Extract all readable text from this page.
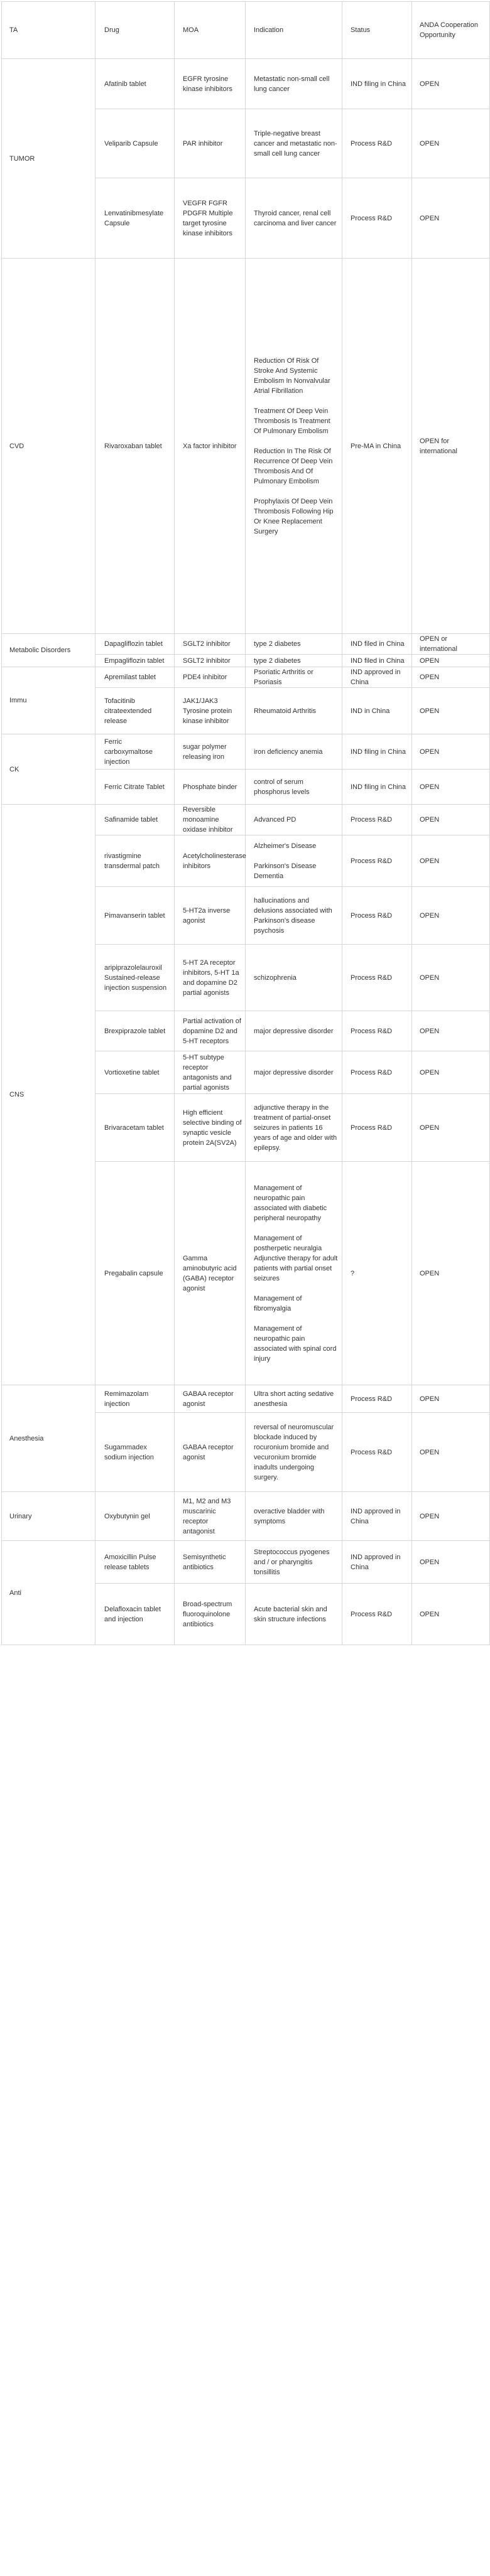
TA	Drug	MOA	Indication	Status	ANDA Cooperation Opportunity
TUMOR	Afatinib tablet	EGFR tyrosine kinase inhibitors	Metastatic non-small cell lung cancer	IND filing in China	OPEN
	Veliparib Capsule	PAR inhibitor	Triple-negative breast cancer and metastatic non-small cell lung cancer	Process R&D	OPEN
	Lenvatinibmesylate Capsule	VEGFR FGFR PDGFR Multiple target tyrosine kinase inhibitors	Thyroid cancer, renal cell carcinoma and liver cancer	Process R&D	OPEN
CVD	Rivaroxaban tablet	Xa factor inhibitor	Reduction Of Risk Of Stroke And Systemic Embolism In Nonvalvular Atrial Fibrillation
Treatment Of Deep Vein Thrombosis Is Treatment Of Pulmonary Embolism
Reduction In The Risk Of Recurrence Of Deep Vein Thrombosis And Of Pulmonary Embolism
Prophylaxis Of Deep Vein Thrombosis Following Hip Or Knee Replacement Surgery	Pre-MA in China	OPEN for international
Metabolic Disorders	Dapagliflozin tablet	SGLT2 inhibitor	type 2 diabetes	IND filed in China	OPEN or international
	Empagliflozin tablet	SGLT2 inhibitor	type 2 diabetes	IND filed in China	OPEN
Immu	Apremilast tablet	PDE4 inhibitor	Psoriatic Arthritis or Psoriasis	IND approved in China	OPEN
	Tofacitinib citrateextended release	JAK1/JAK3 Tyrosine protein kinase inhibitor	Rheumatoid Arthritis	IND in China	OPEN
CK	Ferric carboxymaltose injection	sugar polymer releasing iron	iron deficiency anemia	IND filing in China	OPEN
	Ferric Citrate Tablet	Phosphate binder	control of serum phosphorus levels	IND filing in China	OPEN
CNS	Safinamide tablet	Reversible monoamine oxidase inhibitor	Advanced PD	Process R&D	OPEN
	rivastigmine transdermal patch	Acetylcholinesterase inhibitors	Alzheimer's Disease
Parkinson's Disease Dementia	Process R&D	OPEN
	Pimavanserin tablet	5-HT2a inverse agonist	hallucinations and delusions associated with Parkinson's disease psychosis	Process R&D	OPEN
	aripiprazolelauroxil Sustained-release injection suspension	5-HT 2A receptor inhibitors, 5-HT 1a and dopamine D2 partial agonists	schizophrenia	Process R&D	OPEN
	Brexpiprazole tablet	Partial activation of dopamine D2 and 5-HT receptors	major depressive disorder	Process R&D	OPEN
	Vortioxetine tablet	5-HT subtype receptor antagonists and partial agonists	major depressive disorder	Process R&D	OPEN
	Brivaracetam tablet	High efficient selective binding of synaptic vesicle protein 2A(SV2A)	adjunctive therapy in the treatment of partial-onset seizures in patients 16 years of age and older with epilepsy.	Process R&D	OPEN
	Pregabalin capsule	Gamma aminobutyric acid (GABA) receptor agonist	Management of neuropathic pain associated with diabetic peripheral neuropathy
Management of postherpetic neuralgia Adjunctive therapy for adult patients with partial onset seizures
Management of fibromyalgia
Management of neuropathic pain associated with spinal cord injury	?	OPEN
Anesthesia	Remimazolam injection	GABAA receptor agonist	Ultra short acting sedative anesthesia	Process R&D	OPEN
	Sugammadex sodium injection	GABAA receptor agonist	reversal of neuromuscular blockade induced by rocuronium bromide and vecuronium bromide inadults undergoing surgery.	Process R&D	OPEN
Urinary	Oxybutynin gel	M1, M2 and M3 muscarinic receptor antagonist	overactive bladder with symptoms	IND approved in China	OPEN
Anti	Amoxicillin Pulse release tablets	Semisynthetic antibiotics	Streptococcus pyogenes and / or pharyngitis tonsillitis	IND approved in China	OPEN
	Delafloxacin tablet and injection	Broad-spectrum fluoroquinolone antibiotics	Acute bacterial skin and skin structure infections	Process R&D	OPEN
